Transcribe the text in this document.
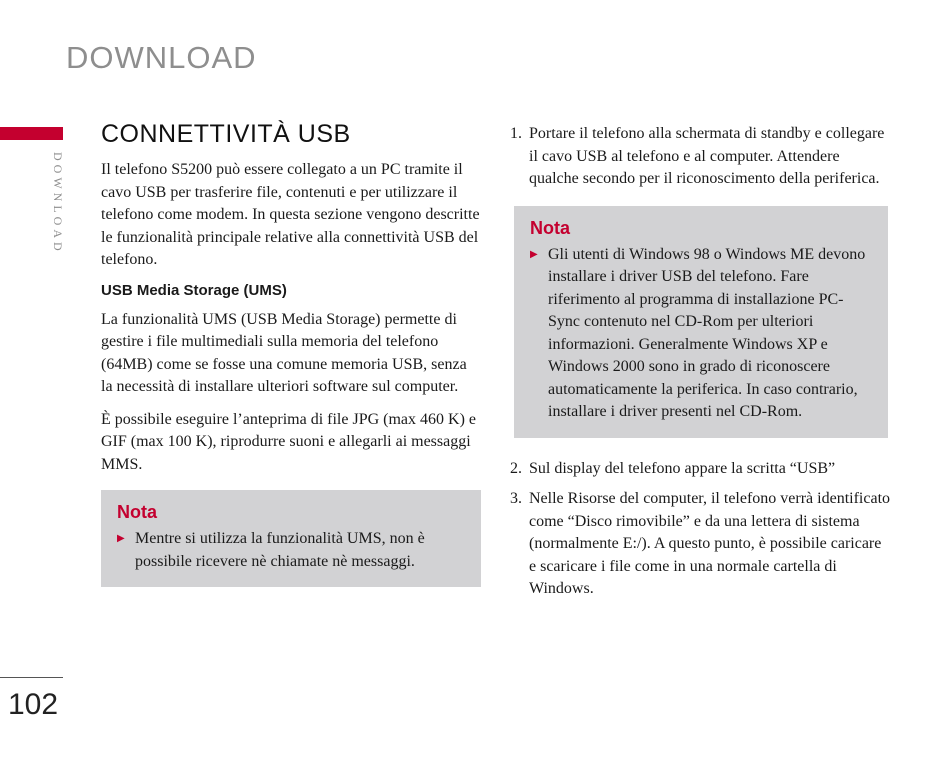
DOWNLOAD
DOWNLOAD
102
CONNETTIVITÀ USB

Il telefono S5200 può essere collegato a un PC tramite il cavo USB per trasferire file, contenuti e per utilizzare il telefono come modem. In questa sezione vengono descritte le funzionalità principale relative alla connettività USB del telefono.

USB Media Storage (UMS)

La funzionalità UMS (USB Media Storage) permette di gestire i file multimediali sulla memoria del telefono (64MB) come se fosse una comune memoria USB, senza la necessità di installare ulteriori software sul computer.

È possibile eseguire l’anteprima di file JPG (max 460 K) e GIF (max 100 K), riprodurre suoni e allegarli ai messaggi MMS.

Nota
▶ Mentre si utilizza la funzionalità UMS, non è possibile ricevere nè chiamate nè messaggi.
1. Portare il telefono alla schermata di standby e collegare il cavo USB al telefono e al computer. Attendere qualche secondo per il riconoscimento della periferica.
Nota
▶ Gli utenti di Windows 98 o Windows ME devono installare i driver USB del telefono. Fare riferimento al programma di installazione PC-Sync contenuto nel CD-Rom per ulteriori informazioni. Generalmente Windows XP e Windows 2000 sono in grado di riconoscere automaticamente la periferica. In caso contrario, installare i driver presenti nel CD-Rom.
2. Sul display del telefono appare la scritta “USB”
3. Nelle Risorse del computer, il telefono verrà identificato come “Disco rimovibile” e da una lettera di sistema (normalmente E:/). A questo punto, è possibile caricare e scaricare i file come in una normale cartella di Windows.
